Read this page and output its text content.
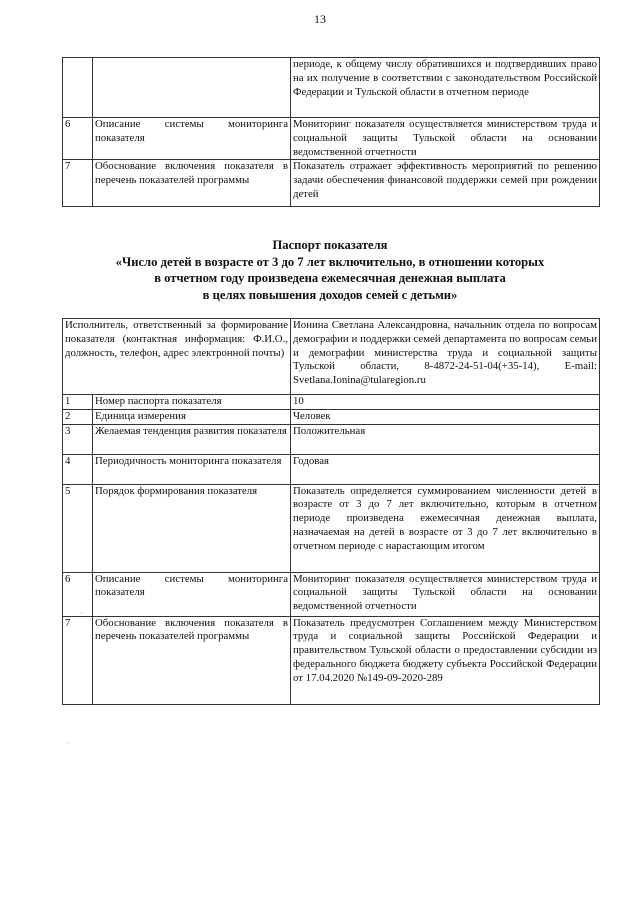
13
		периоде, к общему числу обратившихся и подтвердивших право на их получение в соответствии с законодательством Российской Федерации и Тульской области в отчетном периоде
6	Описание системы мониторинга показателя	Мониторинг показателя осуществляется министерством труда и социальной защиты Тульской области на основании ведомственной отчетности
7	Обоснование включения показателя в перечень показателей программы	Показатель отражает эффективность мероприятий по решению задачи обеспечения финансовой поддержки семей при рождении детей
Паспорт показателя
«Число детей в возрасте от 3 до 7 лет включительно, в отношении которых
в отчетном году произведена ежемесячная денежная выплата
в целях повышения доходов семей с детьми»
Исполнитель, ответственный за формирование показателя (контактная информация: Ф.И.О., должность, телефон, адрес электронной почты)		Ионина Светлана Александровна, начальник отдела по вопросам демографии и поддержки семей департамента по вопросам семьи и демографии министерства труда и социальной защиты Тульской области, 8-4872-24-51-04(+35-14), E-mail: Svetlana.Ionina@tularegion.ru
1	Номер паспорта показателя	10
2	Единица измерения	Человек
3	Желаемая тенденция развития показателя	Положительная
4	Периодичность мониторинга показателя	Годовая
5	Порядок формирования показателя	Показатель определяется суммированием численности детей в возрасте от 3 до 7 лет включительно, которым в отчетном периоде произведена ежемесячная денежная выплата, назначаемая на детей в возрасте от 3 до 7 лет включительно в отчетном периоде с нарастающим итогом
6	Описание системы мониторинга показателя	Мониторинг показателя осуществляется министерством труда и социальной защиты Тульской области на основании ведомственной отчетности
7	Обоснование включения показателя в перечень показателей программы	Показатель предусмотрен Соглашением между Министерством труда и социальной защиты Российской Федерации и правительством Тульской области о предоставлении субсидии из федерального бюджета бюджету субъекта Российской Федерации от 17.04.2020 №149-09-2020-289
·
·
